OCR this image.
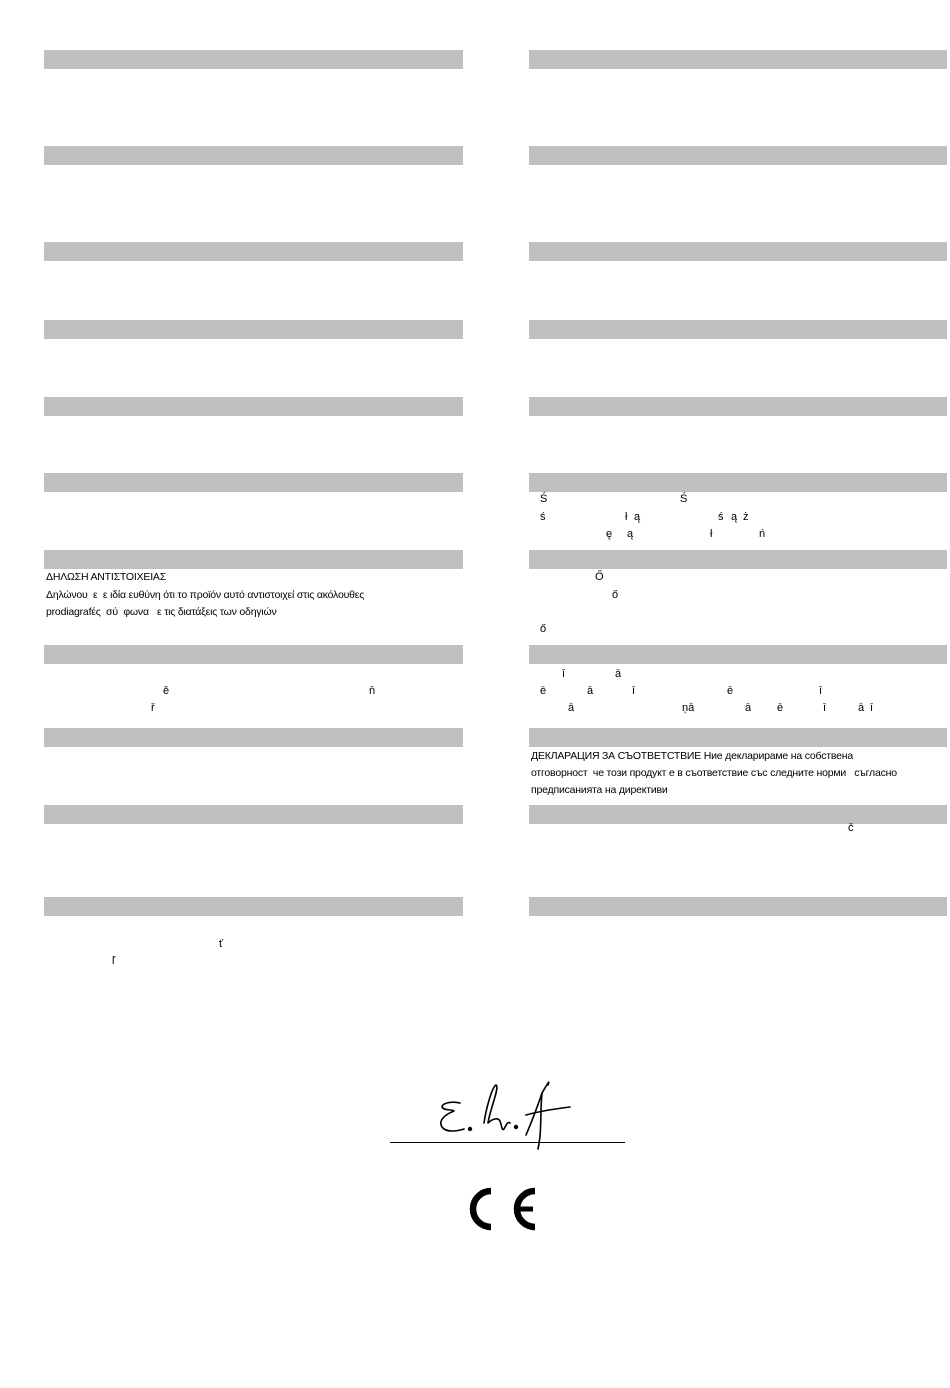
ΔΗΛΩΣΗ ΑΝΤΙΣΤΟΙΧΕΙΑΣ
Δηλώνου  ε  ε ιδία ευθύνη ότι το προϊόν αυτό αντιστοιχεί στις ακόλουθες
prodiagrafές  σύ  φωνα   ε τις διατάξεις των οδηγιών
ě	ň
ř
ť
ľ
Ś	Ś
ś	ł ą	ś ą ż
ę ą	ł	ń
Ő
ő
ő
ī	ā
ē	ā	ī	ē	ī
ā	ņā	ā ē	ī	ā ī
ДЕКЛАРАЦИЯ ЗА СЪОТВЕТСТВИЕ Ние декларираме на собствена
отговорност  че този продукт е в съответствие със следните норми   съгласно
предписанията на директиви
č
